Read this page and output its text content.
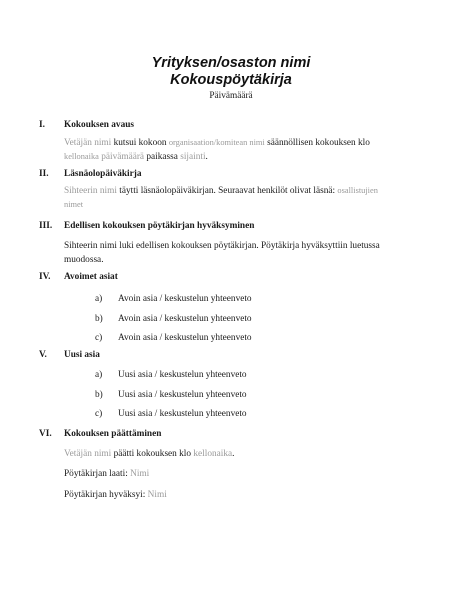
Yrityksen/osaston nimi
Kokouspöytäkirja
Päivämäärä
I. Kokouksen avaus
Vetäjän nimi kutsui kokoon organisaation/komitean nimi säännöllisen kokouksen klo
kellonaika päivämäärä paikassa sijainti.
II. Läsnäolopäiväkirja
Sihteerin nimi täytti läsnäolopäiväkirjan. Seuraavat henkilöt olivat läsnä: osallistujien
nimet
III. Edellisen kokouksen pöytäkirjan hyväksyminen
Sihteerin nimi luki edellisen kokouksen pöytäkirjan. Pöytäkirja hyväksyttiin luetussa
muodossa.
IV. Avoimet asiat
a) Avoin asia / keskustelun yhteenveto
b) Avoin asia / keskustelun yhteenveto
c) Avoin asia / keskustelun yhteenveto
V. Uusi asia
a) Uusi asia / keskustelun yhteenveto
b) Uusi asia / keskustelun yhteenveto
c) Uusi asia / keskustelun yhteenveto
VI. Kokouksen päättäminen
Vetäjän nimi päätti kokouksen klo kellonaika.
Pöytäkirjan laati: Nimi
Pöytäkirjan hyväksyi: Nimi
